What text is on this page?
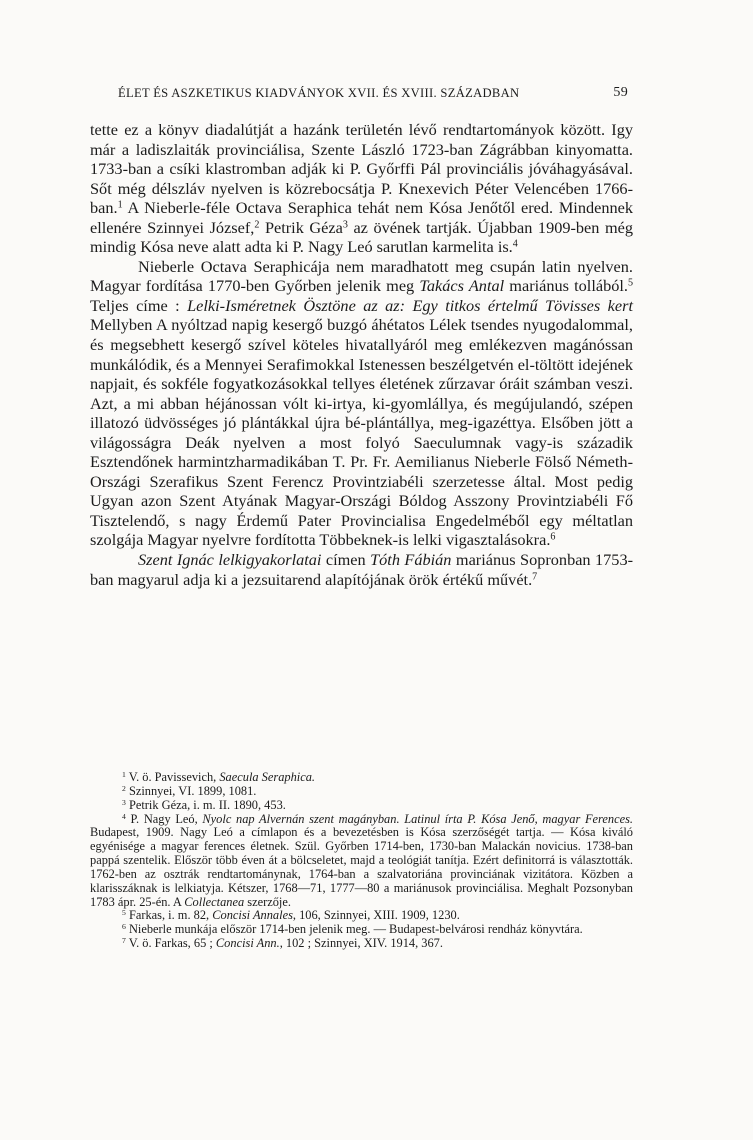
ÉLET ÉS ASZKETIKUS KIADVÁNYOK XVII. ÉS XVIII. SZÁZADBAN	59

tette ez a könyv diadalútját a hazánk területén lévő rendtartományok között. Igy már a ladiszlaiták provinciálisa, Szente László 1723-ban Zágrábban kinyomatta. 1733-ban a csíki klastromban adják ki P. Győrffi Pál provinciális jóváhagyásával. Sőt még délszláv nyelven is közrebocsátja P. Knexevich Péter Velencében 1766-ban.$^1$ A Nieberle-féle Octava Seraphica tehát nem Kósa Jenőtől ered. Mindennek ellenére Szinnyei József,$^2$ Petrik Géza$^3$ az övének tartják. Újabban 1909-ben még mindig Kósa neve alatt adta ki P. Nagy Leó sarutlan karmelita is.$^4$

Nieberle Octava Seraphicája nem maradhatott meg csupán latin nyelven. Magyar fordítása 1770-ben Győrben jelenik meg Takács Antal mariánus tollából.$^5$ Teljes címe : Lelki-Isméretnek Ösztöne az az: Egy titkos értelmű Tövisses kert Mellyben A nyóltzad napig kesergő buzgó áhétatos Lélek tsendes nyugodalommal, és megsebhett kesergő szível köteles hivatallyáról meg emlékezven magánóssan munkálódik, és a Mennyei Serafimokkal Istenessen beszélgetvén el-töltött idejének napjait, és sokféle fogyatkozásokkal tellyes életének zűrzavar óráit számban veszi. Azt, a mi abban héjánossan vólt ki-irtya, ki-gyomlállya, és megújulandó, szépen illatozó üdvösséges jó plántákkal újra bé-plántállya, meg-igazéttya. Elsőben jött a világosságra Deák nyelven a most folyó Saeculumnak vagy-is századik Esztendőnek harmintzharmadikában T. Pr. Fr. Aemilianus Nieberle Fölső Németh-Országi Szerafikus Szent Ferencz Provintziabéli szerzetesse által. Most pedig Ugyan azon Szent Atyának Magyar-Országi Bóldog Asszony Provintziabéli Fő Tisztelendő, s nagy Érdemű Pater Provincialisa Engedelméből egy méltatlan szolgája Magyar nyelvre fordította Többeknek-is lelki vigasztalásokra.$^6$

Szent Ignác lelkigyakorlatai címen Tóth Fábián mariánus Sopronban 1753-ban magyarul adja ki a jezsuitarend alapítójának örök értékű művét.$^7$

$^1$ V. ö. Pavissevich, Saecula Seraphica.

$^2$ Szinnyei, VI. 1899, 1081.

$^3$ Petrik Géza, i. m. II. 1890, 453.

$^4$ P. Nagy Leó, Nyolc nap Alvernán szent magányban. Latinul írta P. Kósa Jenő, magyar Ferences. Budapest, 1909. Nagy Leó a címlapon és a bevezetésben is Kósa szerzőségét tartja. — Kósa kiváló egyénisége a magyar ferences életnek. Szül. Győrben 1714-ben, 1730-ban Malackán novicius. 1738-ban pappá szentelik. Először több éven át a bölcseletet, majd a teológiát tanítja. Ezért definitorrá is választották. 1762-ben az osztrák rendtartománynak, 1764-ban a szalvatoriána provinciának vizitátora. Közben a klarisszáknak is lelkiatyja. Kétszer, 1768—71, 1777—80 a mariánusok provinciálisa. Meghalt Pozsonyban 1783 ápr. 25-én. A Collectanea szerzője.

$^5$ Farkas, i. m. 82, Concisi Annales, 106, Szinnyei, XIII. 1909, 1230.

$^6$ Nieberle munkája először 1714-ben jelenik meg. — Budapest-belvárosi rendház könyvtára.

$^7$ V. ö. Farkas, 65 ; Concisi Ann., 102 ; Szinnyei, XIV. 1914, 367.
